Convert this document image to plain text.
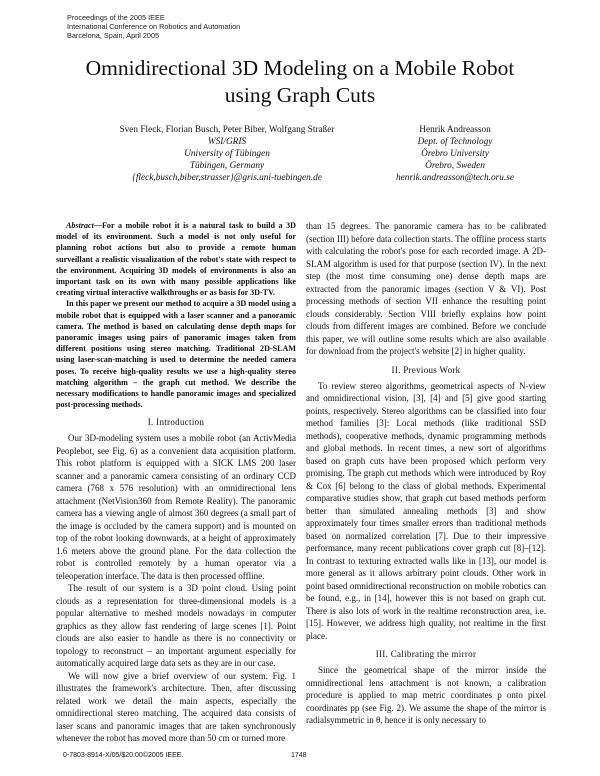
Proceedings of the 2005 IEEE
International Conference on Robotics and Automation
Barcelona, Spain, April 2005
Omnidirectional 3D Modeling on a Mobile Robot
using Graph Cuts
Sven Fleck, Florian Busch, Peter Biber, Wolfgang Straßer
WSI/GRIS
University of Tübingen
Tübingen, Germany
{fleck,busch,biber,strasser}@gris.uni-tuebingen.de
Henrik Andreasson
Dept. of Technology
Örebro University
Örebro, Sweden
henrik.andreasson@tech.oru.se

Abstract—For a mobile robot it is a natural task to build a 3D model of its environment. Such a model is not only useful for planning robot actions but also to provide a remote human surveillant a realistic visualization of the robot's state with respect to the environment. Acquiring 3D models of environments is also an important task on its own with many possible applications like creating virtual interactive walkthroughs or as basis for 3D-TV.

In this paper we present our method to acquire a 3D model using a mobile robot that is equipped with a laser scanner and a panoramic camera. The method is based on calculating dense depth maps for panoramic images using pairs of panoramic images taken from different positions using stereo matching. Traditional 2D-SLAM using laser-scan-matching is used to determine the needed camera poses. To receive high-quality results we use a high-quality stereo matching algorithm – the graph cut method. We describe the necessary modifications to handle panoramic images and specialized post-processing methods.

I. Introduction

Our 3D-modeling system uses a mobile robot (an ActivMedia Peoplebot, see Fig. 6) as a convenient data acquisition platform. This robot platform is equipped with a SICK LMS 200 laser scanner and a panoramic camera consisting of an ordinary CCD camera (768 x 576 resolution) with an omnidirectional lens attachment (NetVision360 from Remote Reality). The panoramic camera has a viewing angle of almost 360 degrees (a small part of the image is occluded by the camera support) and is mounted on top of the robot looking downwards, at a height of approximately 1.6 meters above the ground plane. For the data collection the robot is controlled remotely by a human operator via a teleoperation interface. The data is then processed offline.

The result of our system is a 3D point cloud. Using point clouds as a representation for three-dimensional models is a popular alternative to meshed models nowadays in computer graphics as they allow fast rendering of large scenes [1]. Point clouds are also easier to handle as there is no connectivity or topology to reconstruct – an important argument especially for automatically acquired large data sets as they are in our case.

We will now give a brief overview of our system. Fig. 1 illustrates the framework's architecture. Then, after discussing related work we detail the main aspects, especially the omnidirectional stereo matching. The acquired data consists of laser scans and panoramic images that are taken synchronously whenever the robot has moved more than 50 cm or turned more

than 15 degrees. The panoramic camera has to be calibrated (section III) before data collection starts. The offline process starts with calculating the robot's pose for each recorded image. A 2D-SLAM algorithm is used for that purpose (section IV). In the next step (the most time consuming one) dense depth maps are extracted from the panoramic images (section V & VI). Post processing methods of section VII enhance the resulting point clouds considerably. Section VIII briefly explains how point clouds from different images are combined. Before we conclude this paper, we will outline some results which are also available for download from the project's website [2] in higher quality.

II. Previous Work

To review stereo algorithms, geometrical aspects of N-view and omnidirectional vision, [3], [4] and [5] give good starting points, respectively. Stereo algorithms can be classified into four method families [3]: Local methods (like traditional SSD methods), cooperative methods, dynamic programming methods and global methods. In recent times, a new sort of algorithms based on graph cuts have been proposed which perform very promising. The graph cut methods which were introduced by Roy & Cox [6] belong to the class of global methods. Experimental comparative studies show, that graph cut based methods perform better than simulated annealing methods [3] and show approximately four times smaller errors than traditional methods based on normalized correlation [7]. Due to their impressive performance, many recent publications cover graph cut [8]–[12]. In contrast to texturing extracted walls like in [13], our model is more general as it allows arbitrary point clouds. Other work in point based omnidirectional reconstruction on mobile robotics can be found, e.g., in [14], however this is not based on graph cut. There is also lots of work in the realtime reconstruction area, i.e. [15]. However, we address high quality, not realtime in the first place.

III. Calibrating the mirror

Since the geometrical shape of the mirror inside the omnidirectional lens attachment is not known, a calibration procedure is applied to map metric coordinates p onto pixel coordinates pp (see Fig. 2). We assume the shape of the mirror is radialsymmetric in θ, hence it is only necessary to

0-7803-8914-X/05/$20.00©2005 IEEE.	1748
